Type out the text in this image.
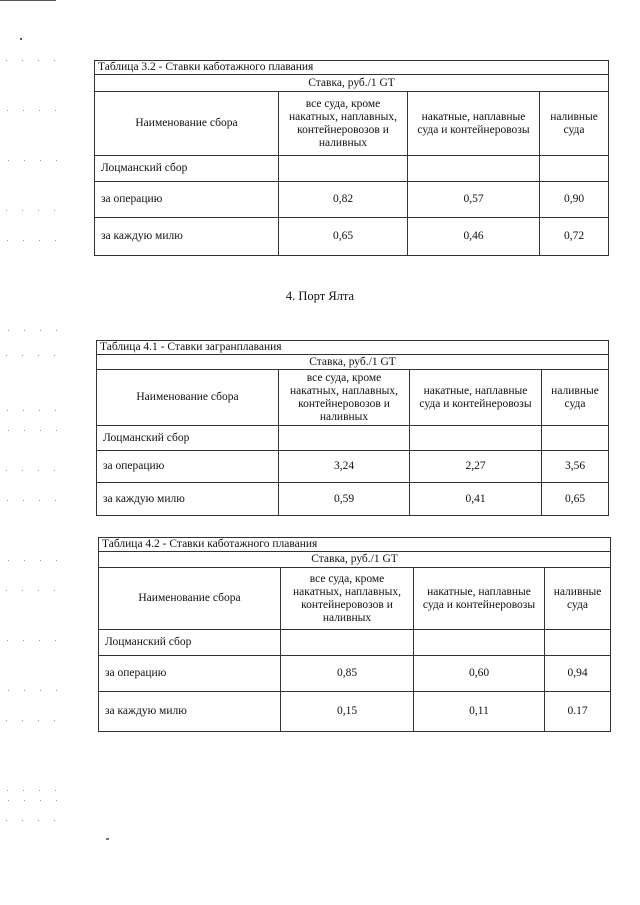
Таблица 3.2 - Ставки каботажного плавания			
Ставка, руб./1 GT			
Наименование сбора	все суда, кроме накатных, наплавных, контейнеровозов и наливных	накатные, наплавные суда и контейнеровозы	наливные суда
Лоцманский сбор			
за операцию	0,82	0,57	0,90
за каждую милю	0,65	0,46	0,72
4. Порт Ялта
Таблица 4.1 - Ставки загранплавания			
Ставка, руб./1 GT			
Наименование сбора	все суда, кроме накатных, наплавных, контейнеровозов и наливных	накатные, наплавные суда и контейнеровозы	наливные суда
Лоцманский сбор			
за операцию	3,24	2,27	3,56
за каждую милю	0,59	0,41	0,65
Таблица 4.2 - Ставки каботажного плавания			
Ставка, руб./1 GT			
Наименование сбора	все суда, кроме накатных, наплавных, контейнеровозов и наливных	накатные, наплавные суда и контейнеровозы	наливные суда
Лоцманский сбор			
за операцию	0,85	0,60	0,94
за каждую милю	0,15	0,11	0.17
